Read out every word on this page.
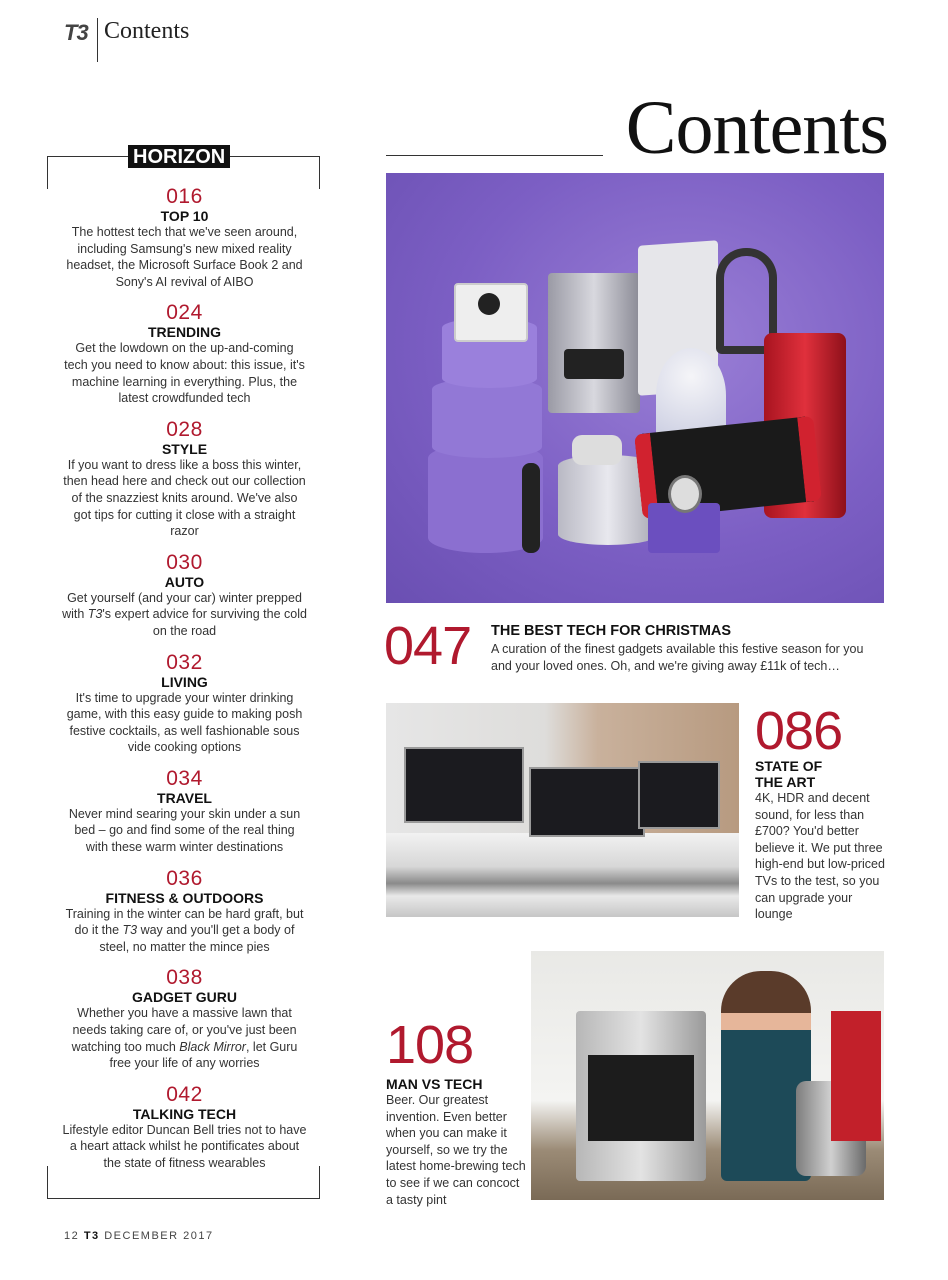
T3 Contents
Contents
HORIZON
016
TOP 10
The hottest tech that we've seen around, including Samsung's new mixed reality headset, the Microsoft Surface Book 2 and Sony's AI revival of AIBO
024
TRENDING
Get the lowdown on the up-and-coming tech you need to know about: this issue, it's machine learning in everything. Plus, the latest crowdfunded tech
028
STYLE
If you want to dress like a boss this winter, then head here and check out our collection of the snazziest knits around. We've also got tips for cutting it close with a straight razor
030
AUTO
Get yourself (and your car) winter prepped with T3's expert advice for surviving the cold on the road
032
LIVING
It's time to upgrade your winter drinking game, with this easy guide to making posh festive cocktails, as well fashionable sous vide cooking options
034
TRAVEL
Never mind searing your skin under a sun bed – go and find some of the real thing with these warm winter destinations
036
FITNESS & OUTDOORS
Training in the winter can be hard graft, but do it the T3 way and you'll get a body of steel, no matter the mince pies
038
GADGET GURU
Whether you have a massive lawn that needs taking care of, or you've just been watching too much Black Mirror, let Guru free your life of any worries
042
TALKING TECH
Lifestyle editor Duncan Bell tries not to have a heart attack whilst he pontificates about the state of fitness wearables
047 THE BEST TECH FOR CHRISTMAS
A curation of the finest gadgets available this festive season for you and your loved ones. Oh, and we're giving away £11k of tech…
086
STATE OF
THE ART
4K, HDR and decent sound, for less than £700? You'd better believe it. We put three high-end but low-priced TVs to the test, so you can upgrade your lounge
108
MAN VS TECH
Beer. Our greatest invention. Even better when you can make it yourself, so we try the latest home-brewing tech to see if we can concoct a tasty pint
12 T3 DECEMBER 2017
